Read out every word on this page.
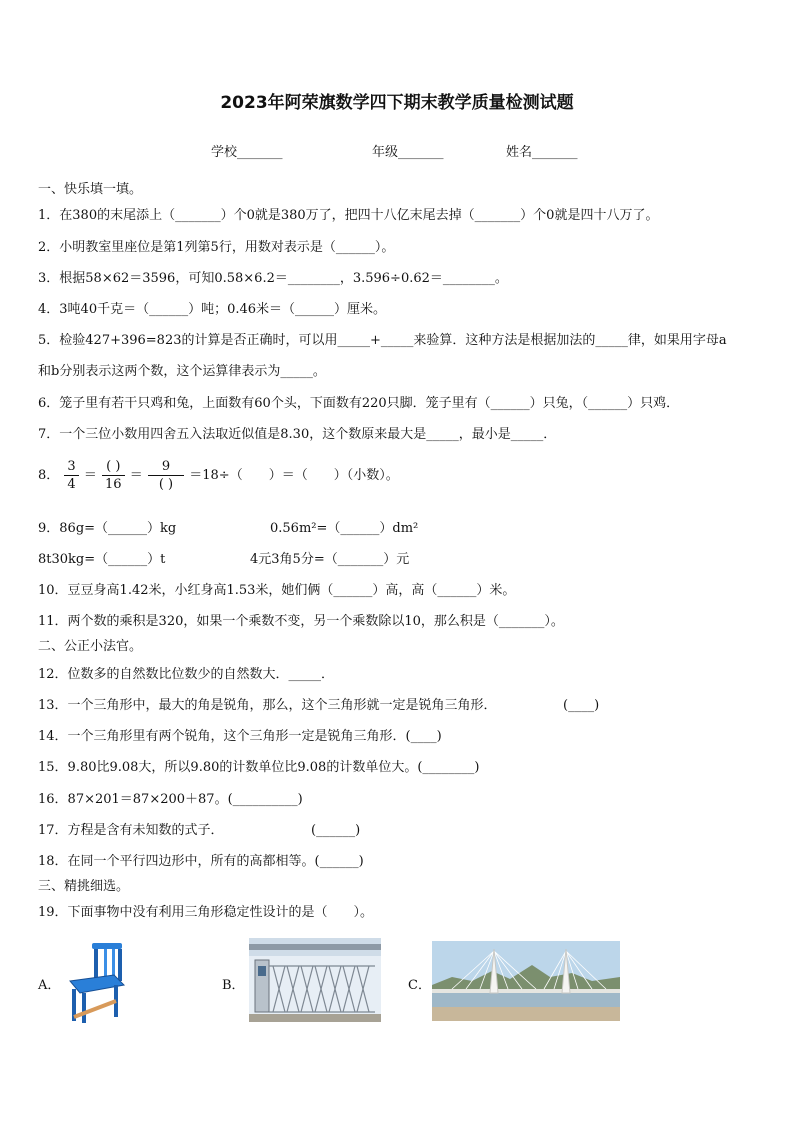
2023年阿荣旗数学四下期末教学质量检测试题
学校_______	年级_______	姓名_______
一、快乐填一填。
1．在380的末尾添上（_______）个0就是380万了，把四十八亿末尾去掉（_______）个0就是四十八万了。
2．小明教室里座位是第1列第5行，用数对表示是（______）。
3．根据58×62＝3596，可知0.58×6.2＝________，3.596÷0.62＝________。
4．3吨40千克＝（______）吨；0.46米＝（______）厘米。
5．检验427+396=823的计算是否正确时，可以用_____+_____来验算．这种方法是根据加法的_____律，如果用字母a
和b分别表示这两个数，这个运算律表示为_____。
6．笼子里有若干只鸡和兔，上面数有60个头，下面数有220只脚．笼子里有（______）只兔，（______）只鸡．
7．一个三位小数用四舍五入法取近似值是8.30，这个数原来最大是_____，最小是_____．
8． $\frac{3}{4} = \frac{( )}{16} = \frac{9}{( )} =18\div$（　　）＝（　　）（小数）。
9．86g=（______）kg	0.56m²=（______）dm²
8t30kg=（______）t	4元3角5分=（_______）元
10．豆豆身高1.42米，小红身高1.53米，她们俩（______）高，高（______）米。
11．两个数的乘积是320，如果一个乘数不变，另一个乘数除以10，那么积是（_______）。
二、公正小法官。
12．位数多的自然数比位数少的自然数大．_____．
13．一个三角形中，最大的角是锐角，那么，这个三角形就一定是锐角三角形．	(____)
14．一个三角形里有两个锐角，这个三角形一定是锐角三角形．(____)
15．9.80比9.08大，所以9.80的计数单位比9.08的计数单位大。(________)
16．87×201＝87×200＋87。(__________)
17．方程是含有未知数的式子．	(______)
18．在同一个平行四边形中，所有的高都相等。(______)
三、精挑细选。
19．下面事物中没有利用三角形稳定性设计的是（　　）。
A．	B．	C．
